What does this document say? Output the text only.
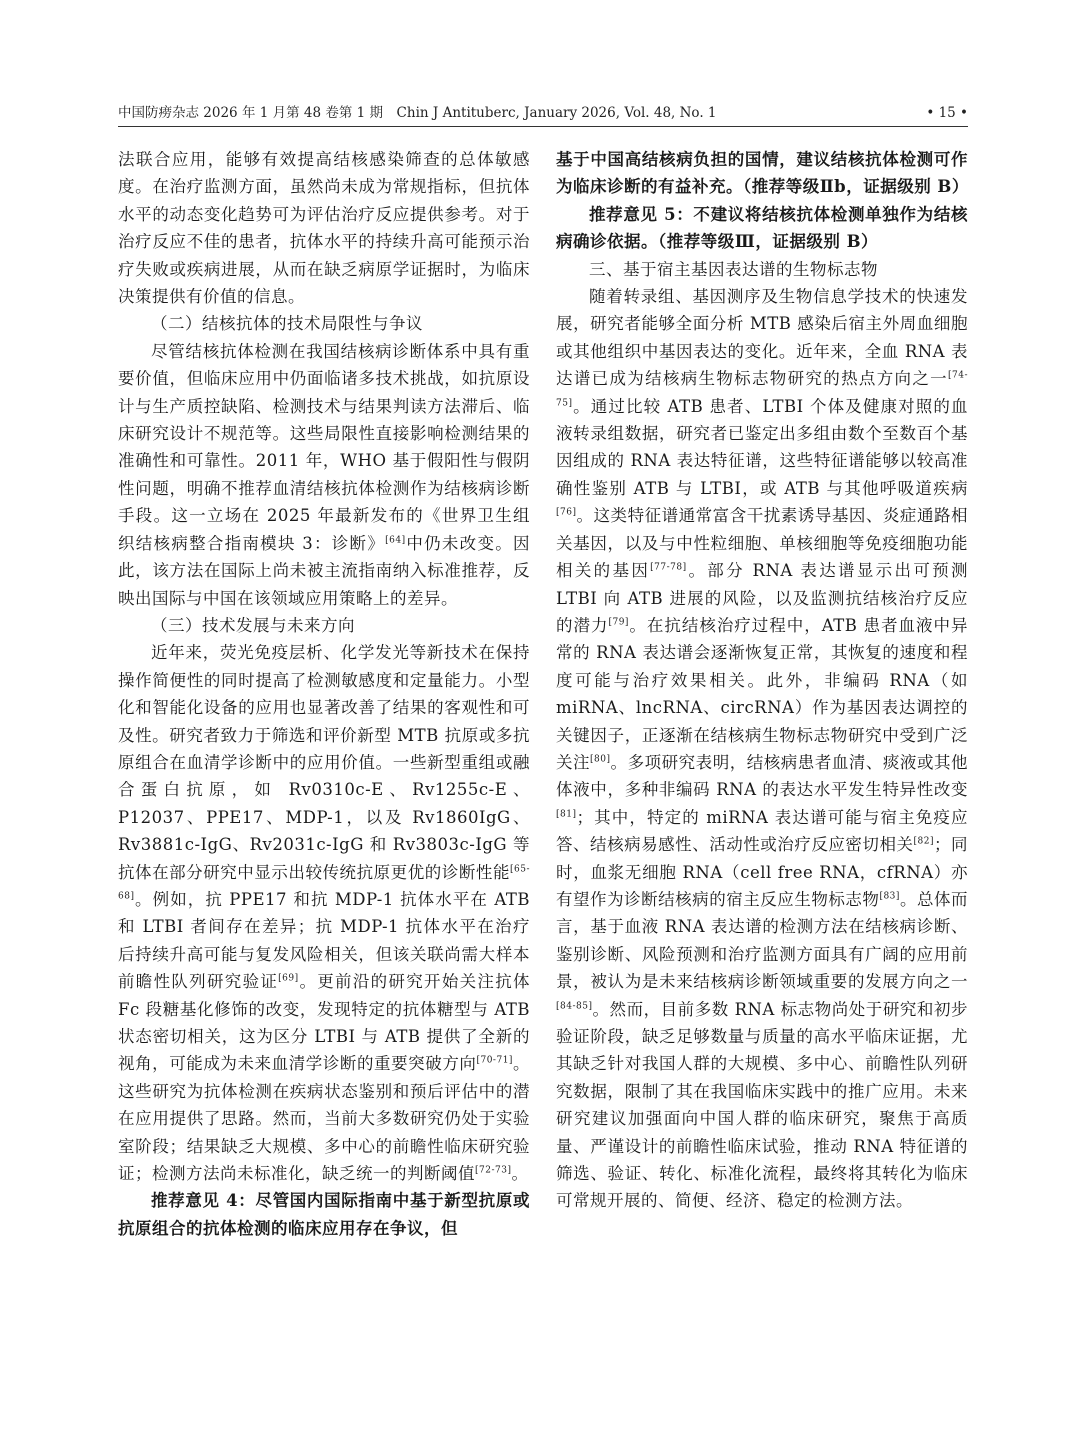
中国防痨杂志 2026 年 1 月第 48 卷第 1 期　Chin J Antituberc, January 2026, Vol. 48, No. 1	• 15 •

法联合应用，能够有效提高结核感染筛查的总体敏感度。在治疗监测方面，虽然尚未成为常规指标，但抗体水平的动态变化趋势可为评估治疗反应提供参考。对于治疗反应不佳的患者，抗体水平的持续升高可能预示治疗失败或疾病进展，从而在缺乏病原学证据时，为临床决策提供有价值的信息。

（二）结核抗体的技术局限性与争议

尽管结核抗体检测在我国结核病诊断体系中具有重要价值，但临床应用中仍面临诸多技术挑战，如抗原设计与生产质控缺陷、检测技术与结果判读方法滞后、临床研究设计不规范等。这些局限性直接影响检测结果的准确性和可靠性。2011 年，WHO 基于假阳性与假阴性问题，明确不推荐血清结核抗体检测作为结核病诊断手段。这一立场在 2025 年最新发布的《世界卫生组织结核病整合指南模块 3：诊断》[64]中仍未改变。因此，该方法在国际上尚未被主流指南纳入标准推荐，反映出国际与中国在该领域应用策略上的差异。

（三）技术发展与未来方向

近年来，荧光免疫层析、化学发光等新技术在保持操作简便性的同时提高了检测敏感度和定量能力。小型化和智能化设备的应用也显著改善了结果的客观性和可及性。研究者致力于筛选和评价新型 MTB 抗原或多抗原组合在血清学诊断中的应用价值。一些新型重组或融合蛋白抗原，如 Rv0310c-E、Rv1255c-E、P12037、PPE17、MDP-1，以及 Rv1860IgG、Rv3881c-IgG、Rv2031c-IgG 和 Rv3803c-IgG 等抗体在部分研究中显示出较传统抗原更优的诊断性能[65-68]。例如，抗 PPE17 和抗 MDP-1 抗体水平在 ATB 和 LTBI 者间存在差异；抗 MDP-1 抗体水平在治疗后持续升高可能与复发风险相关，但该关联尚需大样本前瞻性队列研究验证[69]。更前沿的研究开始关注抗体 Fc 段糖基化修饰的改变，发现特定的抗体糖型与 ATB 状态密切相关，这为区分 LTBI 与 ATB 提供了全新的视角，可能成为未来血清学诊断的重要突破方向[70-71]。这些研究为抗体检测在疾病状态鉴别和预后评估中的潜在应用提供了思路。然而，当前大多数研究仍处于实验室阶段；结果缺乏大规模、多中心的前瞻性临床研究验证；检测方法尚未标准化，缺乏统一的判断阈值[72-73]。

推荐意见 4：尽管国内国际指南中基于新型抗原或抗原组合的抗体检测的临床应用存在争议，但

基于中国高结核病负担的国情，建议结核抗体检测可作为临床诊断的有益补充。（推荐等级Ⅱb，证据级别 B）

推荐意见 5：不建议将结核抗体检测单独作为结核病确诊依据。（推荐等级Ⅲ，证据级别 B）

三、基于宿主基因表达谱的生物标志物

随着转录组、基因测序及生物信息学技术的快速发展，研究者能够全面分析 MTB 感染后宿主外周血细胞或其他组织中基因表达的变化。近年来，全血 RNA 表达谱已成为结核病生物标志物研究的热点方向之一[74-75]。通过比较 ATB 患者、LTBI 个体及健康对照的血液转录组数据，研究者已鉴定出多组由数个至数百个基因组成的 RNA 表达特征谱，这些特征谱能够以较高准确性鉴别 ATB 与 LTBI，或 ATB 与其他呼吸道疾病[76]。这类特征谱通常富含干扰素诱导基因、炎症通路相关基因，以及与中性粒细胞、单核细胞等免疫细胞功能相关的基因[77-78]。部分 RNA 表达谱显示出可预测 LTBI 向 ATB 进展的风险，以及监测抗结核治疗反应的潜力[79]。在抗结核治疗过程中，ATB 患者血液中异常的 RNA 表达谱会逐渐恢复正常，其恢复的速度和程度可能与治疗效果相关。此外，非编码 RNA（如 miRNA、lncRNA、circRNA）作为基因表达调控的关键因子，正逐渐在结核病生物标志物研究中受到广泛关注[80]。多项研究表明，结核病患者血清、痰液或其他体液中，多种非编码 RNA 的表达水平发生特异性改变[81]；其中，特定的 miRNA 表达谱可能与宿主免疫应答、结核病易感性、活动性或治疗反应密切相关[82]；同时，血浆无细胞 RNA（cell free RNA，cfRNA）亦有望作为诊断结核病的宿主反应生物标志物[83]。总体而言，基于血液 RNA 表达谱的检测方法在结核病诊断、鉴别诊断、风险预测和治疗监测方面具有广阔的应用前景，被认为是未来结核病诊断领域重要的发展方向之一[84-85]。然而，目前多数 RNA 标志物尚处于研究和初步验证阶段，缺乏足够数量与质量的高水平临床证据，尤其缺乏针对我国人群的大规模、多中心、前瞻性队列研究数据，限制了其在我国临床实践中的推广应用。未来研究建议加强面向中国人群的临床研究，聚焦于高质量、严谨设计的前瞻性临床试验，推动 RNA 特征谱的筛选、验证、转化、标准化流程，最终将其转化为临床可常规开展的、简便、经济、稳定的检测方法。
